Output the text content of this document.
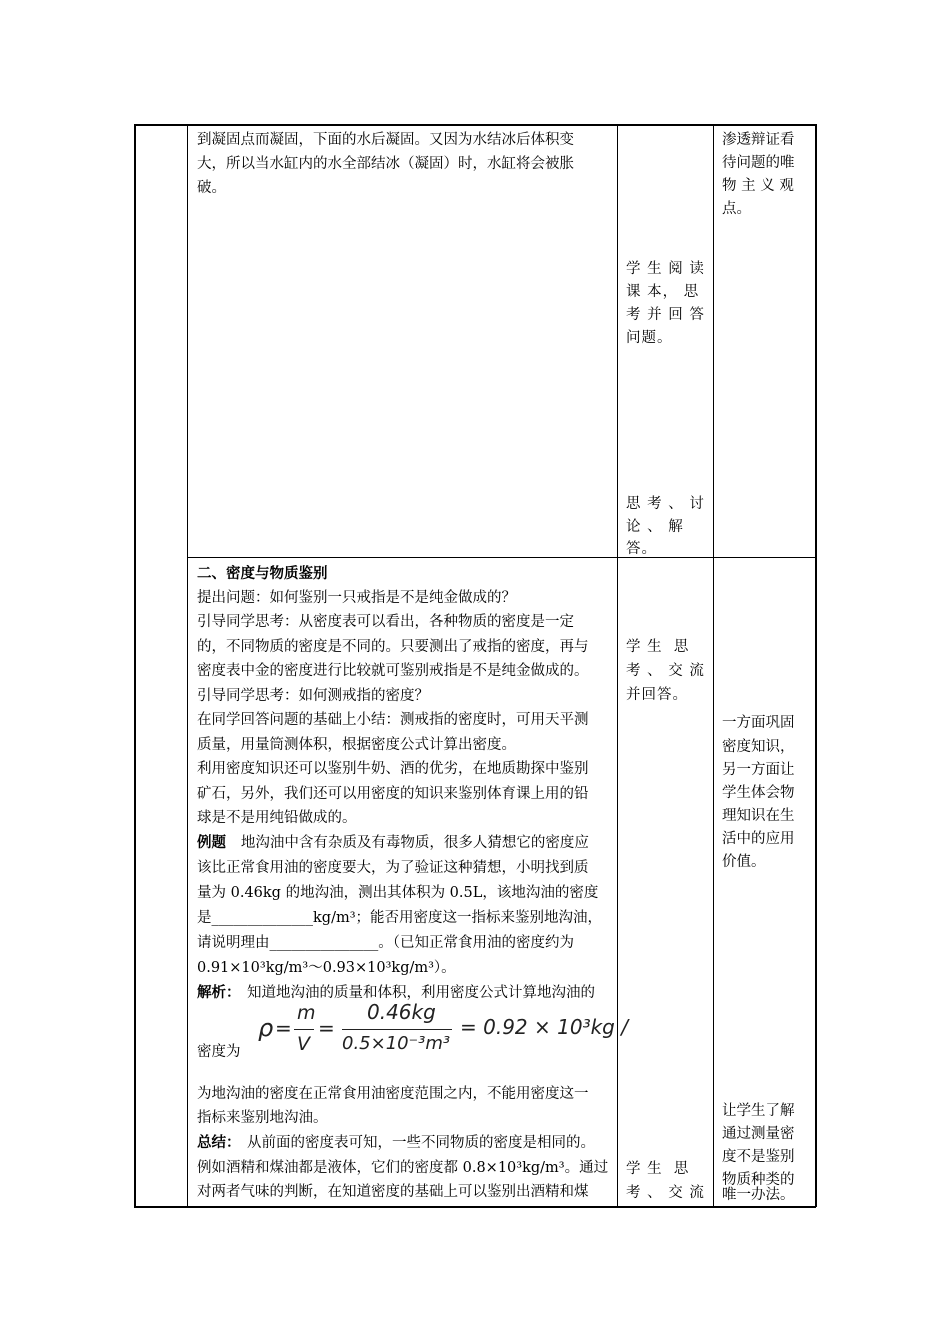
到凝固点而凝固，下面的水后凝固。又因为水结冰后体积变
大，所以当水缸内的水全部结冰（凝固）时，水缸将会被胀
破。
学 生 阅 读
课 本， 思
考 并 回 答
问题。
思 考 、 讨
论 、 解
答。
渗透辩证看
待问题的唯
物 主 义 观
点。
二、密度与物质鉴别
提出问题：如何鉴别一只戒指是不是纯金做成的？
引导同学思考：从密度表可以看出，各种物质的密度是一定
的，不同物质的密度是不同的。只要测出了戒指的密度，再与
密度表中金的密度进行比较就可鉴别戒指是不是纯金做成的。
引导同学思考：如何测戒指的密度？
在同学回答问题的基础上小结：测戒指的密度时，可用天平测
质量，用量筒测体积，根据密度公式计算出密度。
利用密度知识还可以鉴别牛奶、酒的优劣，在地质勘探中鉴别
矿石，另外，我们还可以用密度的知识来鉴别体育课上用的铅
球是不是用纯铅做成的。
例题 地沟油中含有杂质及有毒物质，很多人猜想它的密度应
该比正常食用油的密度要大，为了验证这种猜想，小明找到质
量为 0.46kg 的地沟油，测出其体积为 0.5L，该地沟油的密度
是______________kg/m³；能否用密度这一指标来鉴别地沟油，
请说明理由_______________。（已知正常食用油的密度约为
0.91×10³kg/m³～0.93×10³kg/m³）。
解析： 知道地沟油的质量和体积，利用密度公式计算地沟油的
密度为
ρ =
m
V
=
0.46kg
0.5×10⁻³m³
= 0.92 × 10³kg /
为地沟油的密度在正常食用油密度范围之内，不能用密度这一
指标来鉴别地沟油。
总结： 从前面的密度表可知，一些不同物质的密度是相同的。
例如酒精和煤油都是液体，它们的密度都 0.8×10³kg/m³。通过
对两者气味的判断，在知道密度的基础上可以鉴别出酒精和煤
学 生  思
考 、 交 流
并回答。
学 生  思
考 、 交 流
一方面巩固
密度知识，
另一方面让
学生体会物
理知识在生
活中的应用
价值。
让学生了解
通过测量密
度不是鉴别
物质种类的
唯一办法。
